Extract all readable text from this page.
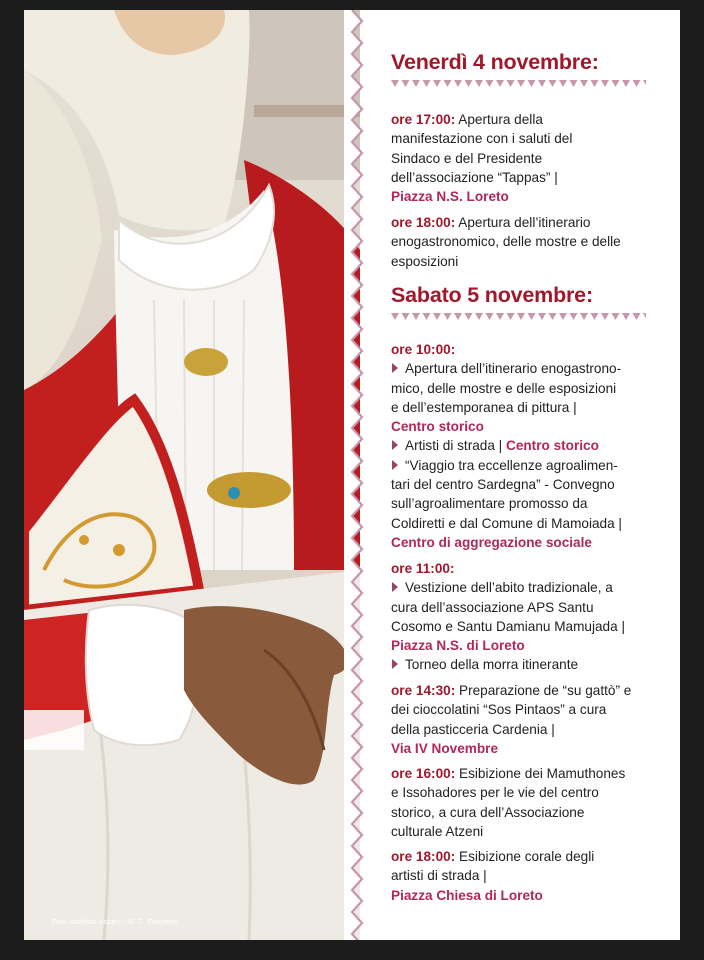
Foto Archivio Aspen - M. C. Folchetti
Venerdì 4 novembre:
ore 17:00: Apertura della
manifestazione con i saluti del
Sindaco e del Presidente
dell’associazione “Tappas” |
Piazza N.S. Loreto
ore 18:00: Apertura dell’itinerario
enogastronomico, delle mostre e delle
esposizioni
Sabato 5 novembre:
ore 10:00:
Apertura dell’itinerario enogastrono-
mico, delle mostre e delle esposizioni
e dell’estemporanea di pittura |
Centro storico
Artisti di strada | Centro storico
“Viaggio tra eccellenze agroalimen-
tari del centro Sardegna” - Convegno
sull’agroalimentare promosso da
Coldiretti e dal Comune di Mamoiada |
Centro di aggregazione sociale
ore 11:00:
Vestizione dell’abito tradizionale, a
cura dell’associazione APS Santu
Cosomo e Santu Damianu Mamujada |
Piazza N.S. di Loreto
Torneo della morra itinerante
ore 14:30: Preparazione de “su gattò” e
dei cioccolatini “Sos Pintaos” a cura
della pasticceria Cardenia |
Via IV Novembre
ore 16:00: Esibizione dei Mamuthones
e Issohadores per le vie del centro
storico, a cura dell’Associazione
culturale Atzeni
ore 18:00: Esibizione corale degli
artisti di strada |
Piazza Chiesa di Loreto
